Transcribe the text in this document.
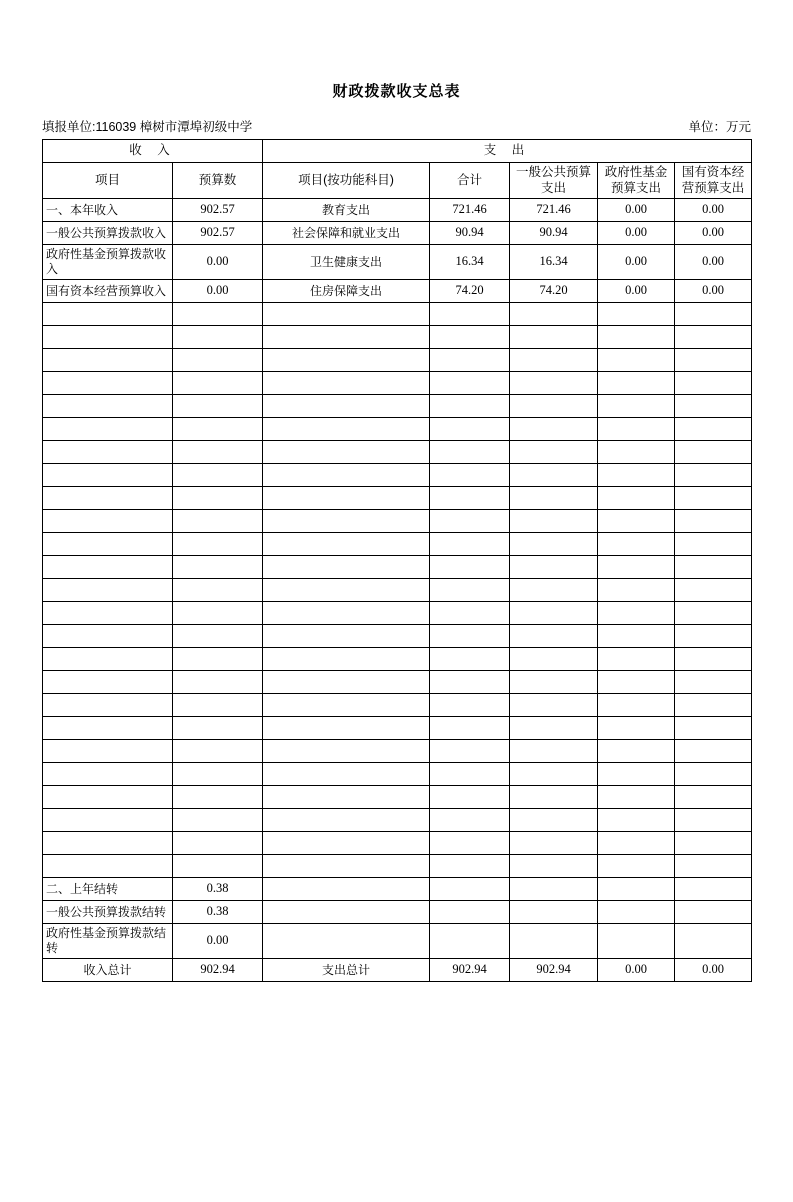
财政拨款收支总表
填报单位:116039 樟树市潭埠初级中学	单位：万元
收 入		支 出				
项目	预算数	项目(按功能科目)	合计	一般公共预算支出	政府性基金预算支出	国有资本经营预算支出
一、本年收入	902.57	教育支出	721.46	721.46	0.00	0.00
一般公共预算拨款收入	902.57	社会保障和就业支出	90.94	90.94	0.00	0.00
政府性基金预算拨款收入	0.00	卫生健康支出	16.34	16.34	0.00	0.00
国有资本经营预算收入	0.00	住房保障支出	74.20	74.20	0.00	0.00

二、上年结转	0.38					
一般公共预算拨款结转	0.38					
政府性基金预算拨款结转	0.00					
收入总计	902.94	支出总计	902.94	902.94	0.00	0.00
